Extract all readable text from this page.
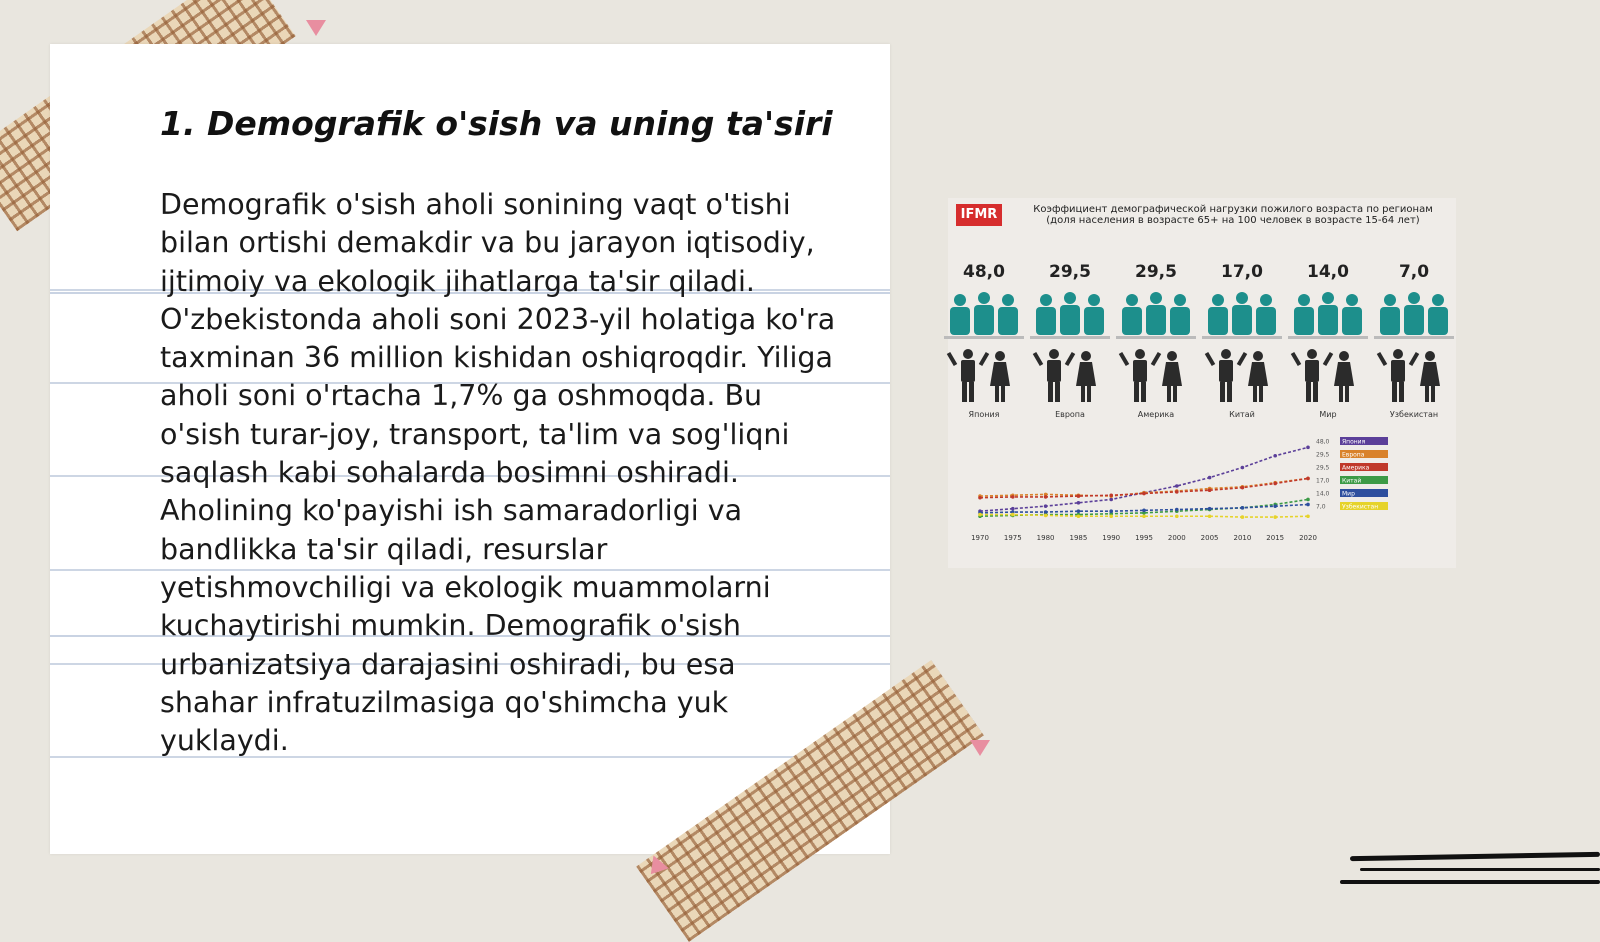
1. Demografik o'sish va uning ta'siri

Demografik o'sish aholi sonining vaqt o'tishi bilan ortishi demakdir va bu jarayon iqtisodiy, ijtimoiy va ekologik jihatlarga ta'sir qiladi. O'zbekistonda aholi soni 2023-yil holatiga ko'ra taxminan 36 million kishidan oshiqroqdir. Yiliga aholi soni o'rtacha 1,7% ga oshmoqda. Bu o'sish turar-joy, transport, ta'lim va sog'liqni saqlash kabi sohalarda bosimni oshiradi. Aholining ko'payishi ish samaradorligi va bandlikka ta'sir qiladi, resurslar yetishmovchiligi va ekologik muammolarni kuchaytirishi mumkin. Demografik o'sish urbanizatsiya darajasini oshiradi, bu esa shahar infratuzilmasiga qo'shimcha yuk yuklaydi.

IFMR	Коэффициент демографической нагрузки пожилого возраста по регионам (доля населения в возрасте 65+ на 100 человек в возрасте 15-64 лет)

48,0
Япония
29,5
Европа
29,5
Америка
17,0
Китай
14,0
Мир
7,0
Узбекистан
Япония
48,0
Европа
29,5
Америка
29,5
Китай
17,0
Мир
14,0
Узбекистан
7,0
1970 1975 1980 1985 1990 1995 2000 2005 2010 2015 2020
